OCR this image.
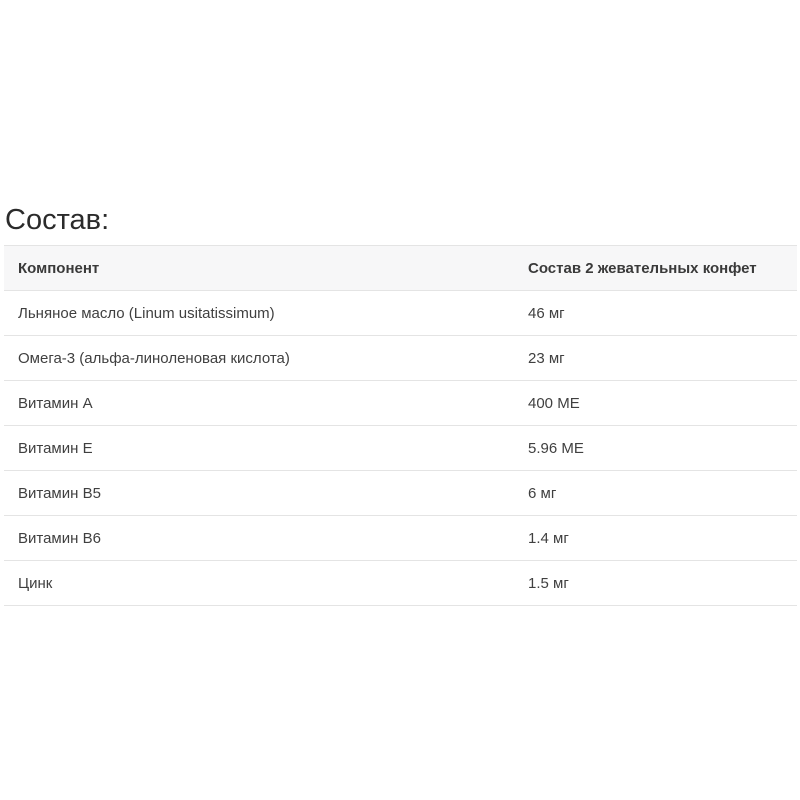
Состав:
Компонент	Состав 2 жевательных конфет
Льняное масло (Linum usitatissimum)	46 мг
Омега-3 (альфа-линоленовая кислота)	23 мг
Витамин А	400 МЕ
Витамин Е	5.96 МЕ
Витамин В5	6 мг
Витамин В6	1.4 мг
Цинк	1.5 мг
